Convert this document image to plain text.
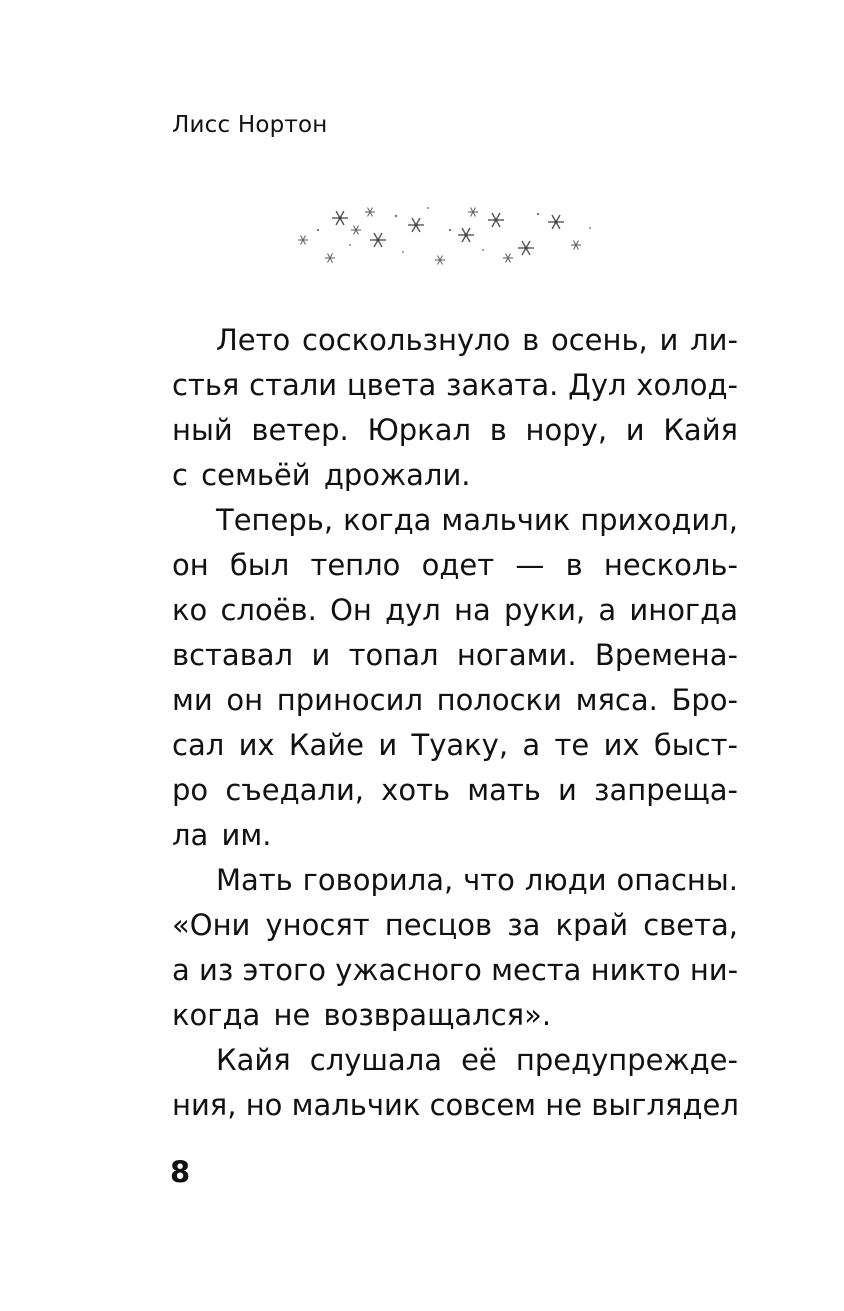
Лисс Нортон
Лето соскользнуло в осень, и ли-
стья стали цвета заката. Дул холод-
ный ветер. Юркал в нору, и Кайя
с семьёй дрожали.
Теперь, когда мальчик приходил,
он был тепло одет — в несколь-
ко слоёв. Он дул на руки, а иногда
вставал и топал ногами. Времена-
ми он приносил полоски мяса. Бро-
сал их Кайе и Туаку, а те их быст-
ро съедали, хоть мать и запреща-
ла им.
Мать говорила, что люди опасны.
«Они уносят песцов за край света,
а из этого ужасного места никто ни-
когда не возвращался».
Кайя слушала её предупрежде-
ния, но мальчик совсем не выглядел
8
